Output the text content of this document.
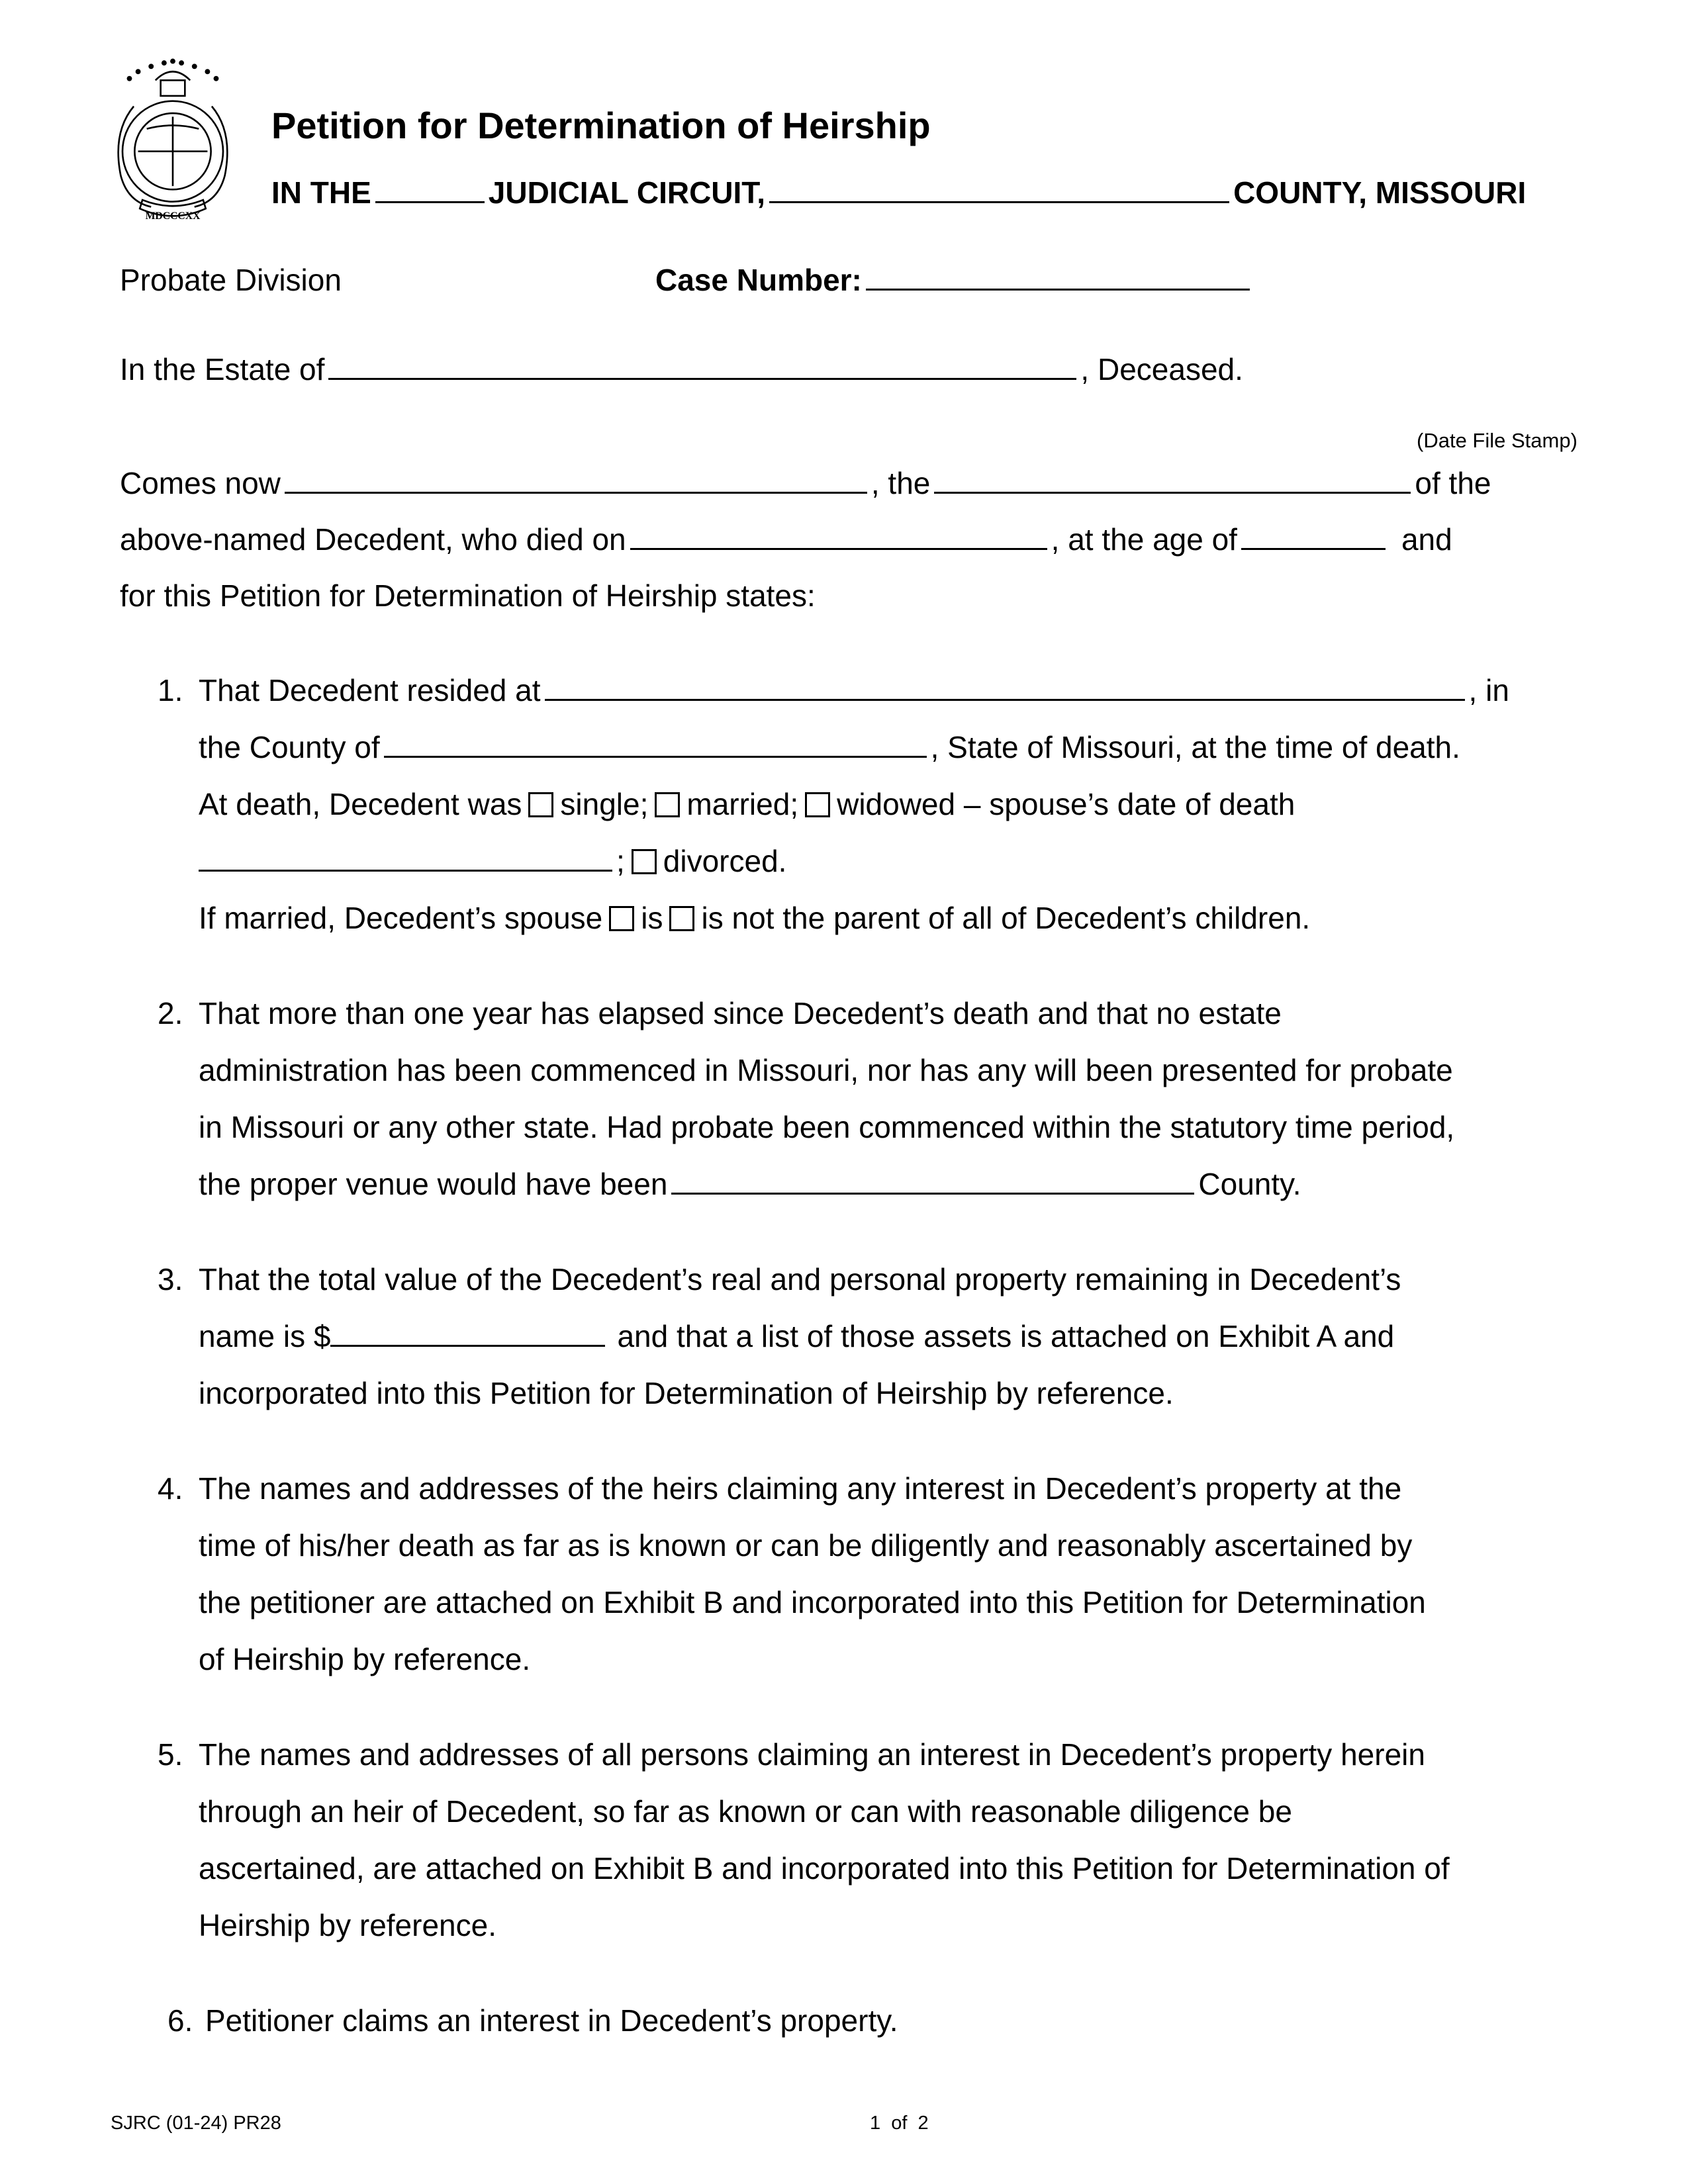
MDCCCXX
Petition for Determination of Heirship
IN THE	JUDICIAL CIRCUIT,	COUNTY, MISSOURI
Probate Division	Case Number:
In the Estate of	, Deceased.
(Date File Stamp)
Comes now	, the	of the
above-named Decedent, who died on	, at the age of	and
for this Petition for Determination of Heirship states:
1. That Decedent resided at	, in
the County of	, State of Missouri, at the time of death.
At death, Decedent was single; married; widowed – spouse’s date of death
; divorced.
If married, Decedent’s spouse is is not the parent of all of Decedent’s children.
2. That more than one year has elapsed since Decedent’s death and that no estate
administration has been commenced in Missouri, nor has any will been presented for probate
in Missouri or any other state. Had probate been commenced within the statutory time period,
the proper venue would have been	County.
3. That the total value of the Decedent’s real and personal property remaining in Decedent’s
name is $	and that a list of those assets is attached on Exhibit A and
incorporated into this Petition for Determination of Heirship by reference.
4. The names and addresses of the heirs claiming any interest in Decedent’s property at the
time of his/her death as far as is known or can be diligently and reasonably ascertained by
the petitioner are attached on Exhibit B and incorporated into this Petition for Determination
of Heirship by reference.
5. The names and addresses of all persons claiming an interest in Decedent’s property herein
through an heir of Decedent, so far as known or can with reasonable diligence be
ascertained, are attached on Exhibit B and incorporated into this Petition for Determination of
Heirship by reference.
6. Petitioner claims an interest in Decedent’s property.
SJRC (01-24) PR28	1  of  2
